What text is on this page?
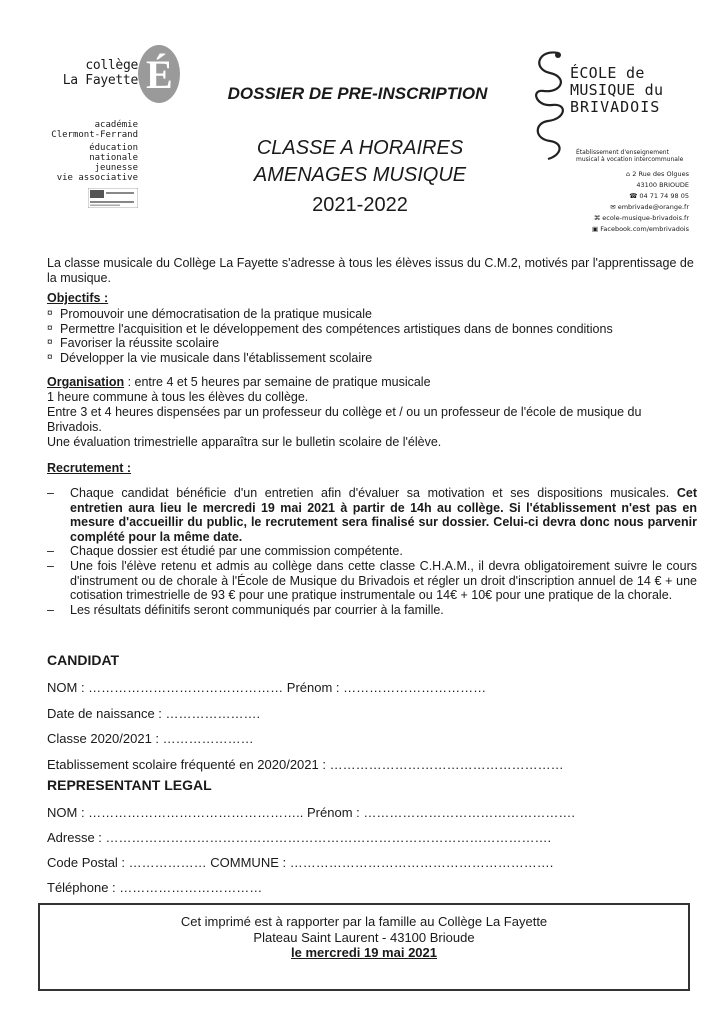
collège
La Fayette É
académie
Clermont-Ferrand
éducation
nationale
jeunesse
vie associative
DOSSIER DE PRE-INSCRIPTION
CLASSE A HORAIRES
AMENAGES MUSIQUE
2021-2022
ÉCOLE de
MUSIQUE du
BRIVADOIS
Établissement d'enseignement musical à vocation intercommunale
⌂ 2 Rue des Olgues
43100 BRIOUDE
☎ 04 71 74 98 05
✉ embrivade@orange.fr
⌘ ecole-musique-brivadois.fr
▣ Facebook.com/embrivadois
La classe musicale du Collège La Fayette s'adresse à tous les élèves issus du C.M.2, motivés par l'apprentissage de la musique.
Objectifs :
¤ Promouvoir une démocratisation de la pratique musicale
¤ Permettre l'acquisition et le développement des compétences artistiques dans de bonnes conditions
¤ Favoriser la réussite scolaire
¤ Développer la vie musicale dans l'établissement scolaire
Organisation : entre 4 et 5 heures par semaine de pratique musicale
1 heure commune à tous les élèves du collège.
Entre 3 et 4 heures dispensées par un professeur du collège et / ou un professeur de l'école de musique du Brivadois.
Une évaluation trimestrielle apparaîtra sur le bulletin scolaire de l'élève.
Recrutement :
– Chaque candidat bénéficie d'un entretien afin d'évaluer sa motivation et ses dispositions musicales. Cet entretien aura lieu le mercredi 19 mai 2021 à partir de 14h au collège. Si l'établissement n'est pas en mesure d'accueillir du public, le recrutement sera finalisé sur dossier. Celui-ci devra donc nous parvenir complété pour la même date.
– Chaque dossier est étudié par une commission compétente.
– Une fois l'élève retenu et admis au collège dans cette classe C.H.A.M., il devra obligatoirement suivre le cours d'instrument ou de chorale à l'École de Musique du Brivadois et régler un droit d'inscription annuel de 14 € + une cotisation trimestrielle de 93 € pour une pratique instrumentale ou 14€ + 10€ pour une pratique de la chorale.
– Les résultats définitifs seront communiqués par courrier à la famille.
CANDIDAT
NOM : ……………………………………… Prénom : ……………………………
Date de naissance : ………………….
Classe 2020/2021 : …………………
Etablissement scolaire fréquenté en 2020/2021 : ………………………………………………
REPRESENTANT LEGAL
NOM : ………………………………………….. Prénom : ………………………………………….
Adresse : ………………………………………………………………………………………….
Code Postal : ……………… COMMUNE : …………………………………………………….
Téléphone : ……………………………
Cet imprimé est à rapporter par la famille au Collège La Fayette
Plateau Saint Laurent - 43100 Brioude
le mercredi 19 mai 2021
